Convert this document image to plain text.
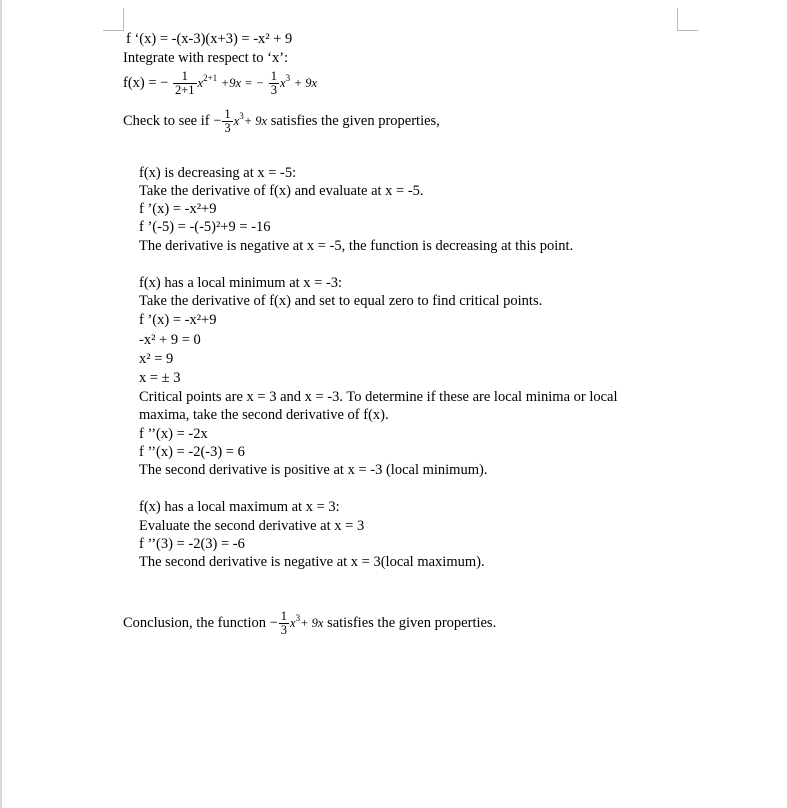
f ‘(x) = -(x-3)(x+3) = -x² + 9
Integrate with respect to ‘x’:
f(x) = − $\frac{1}{2+1} x^{2+1} +9x$ = − $\frac{1}{3} x^3 + 9x$
Check to see if − $\frac{1}{3} x^3+ 9x$ satisfies the given properties,
f(x) is decreasing at x = -5:
Take the derivative of f(x) and evaluate at x = -5.
f ’(x) = -x²+9
f ’(-5) = -(-5)²+9 = -16
The derivative is negative at x = -5, the function is decreasing at this point.
f(x) has a local minimum at x = -3:
Take the derivative of f(x) and set to equal zero to find critical points.
f ’(x) = -x²+9
-x² + 9 = 0
x² = 9
x = ± 3
Critical points are x = 3 and x = -3. To determine if these are local minima or local
maxima, take the second derivative of f(x).
f ’’(x) = -2x
f ’’(x) = -2(-3) = 6
The second derivative is positive at x = -3 (local minimum).
f(x) has a local maximum at x = 3:
Evaluate the second derivative at x = 3
f ’’(3) = -2(3) = -6
The second derivative is negative at x = 3(local maximum).
Conclusion, the function − $\frac{1}{3} x^3+ 9x$ satisfies the given properties.
